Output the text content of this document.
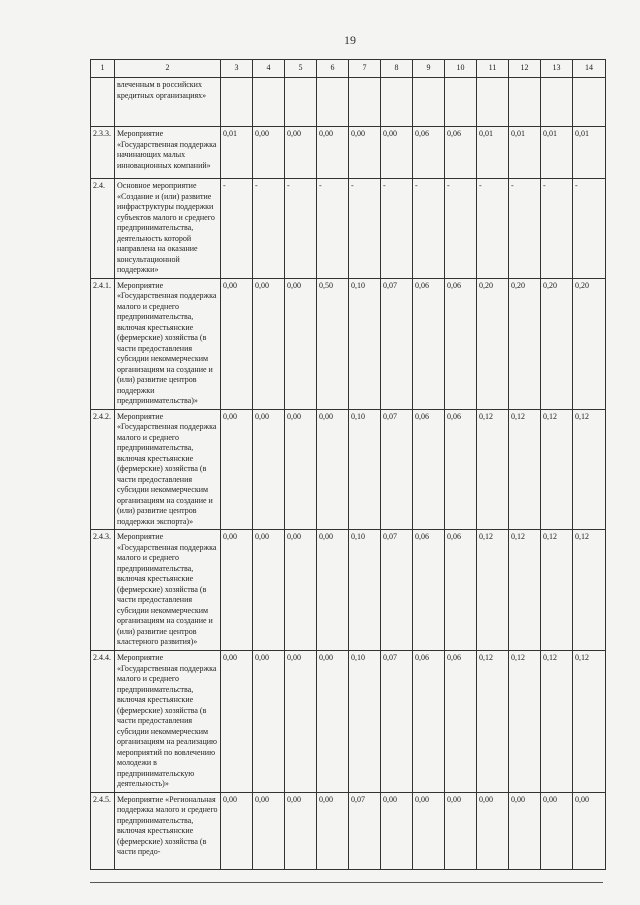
19
1	2	3	4	5	6	7	8	9	10	11	12	13	14
	влеченным в российских кредитных организациях»												
2.3.3.	Мероприятие «Государственная поддержка начинающих малых инновационных компаний»	0,01	0,00	0,00	0,00	0,00	0,00	0,06	0,06	0,01	0,01	0,01	0,01
2.4.	Основное мероприятие «Создание и (или) развитие инфраструктуры поддержки субъектов малого и среднего предпринимательства, деятельность которой направлена на оказание консультационной поддержки»	-	-	-	-	-	-	-	-	-	-	-	-
2.4.1.	Мероприятие «Государственная поддержка малого и среднего предпринимательства, включая крестьянские (фермерские) хозяйства (в части предоставления субсидии некоммерческим организациям на создание и (или) развитие центров поддержки предпринимательства)»	0,00	0,00	0,00	0,50	0,10	0,07	0,06	0,06	0,20	0,20	0,20	0,20
2.4.2.	Мероприятие «Государственная поддержка малого и среднего предпринимательства, включая крестьянские (фермерские) хозяйства (в части предоставления субсидии некоммерческим организациям на создание и (или) развитие центров поддержки экспорта)»	0,00	0,00	0,00	0,00	0,10	0,07	0,06	0,06	0,12	0,12	0,12	0,12
2.4.3.	Мероприятие «Государственная поддержка малого и среднего предпринимательства, включая крестьянские (фермерские) хозяйства (в части предоставления субсидии некоммерческим организациям на создание и (или) развитие центров кластерного развития)»	0,00	0,00	0,00	0,00	0,10	0,07	0,06	0,06	0,12	0,12	0,12	0,12
2.4.4.	Мероприятие «Государственная поддержка малого и среднего предпринимательства, включая крестьянские (фермерские) хозяйства (в части предоставления субсидии некоммерческим организациям на реализацию мероприятий по вовлечению молодежи в предпринимательскую деятельность)»	0,00	0,00	0,00	0,00	0,10	0,07	0,06	0,06	0,12	0,12	0,12	0,12
2.4.5.	Мероприятие «Региональная поддержка малого и среднего предпринимательства, включая крестьянские (фермерские) хозяйства (в части предо-	0,00	0,00	0,00	0,00	0,07	0,00	0,00	0,00	0,00	0,00	0,00	0,00
